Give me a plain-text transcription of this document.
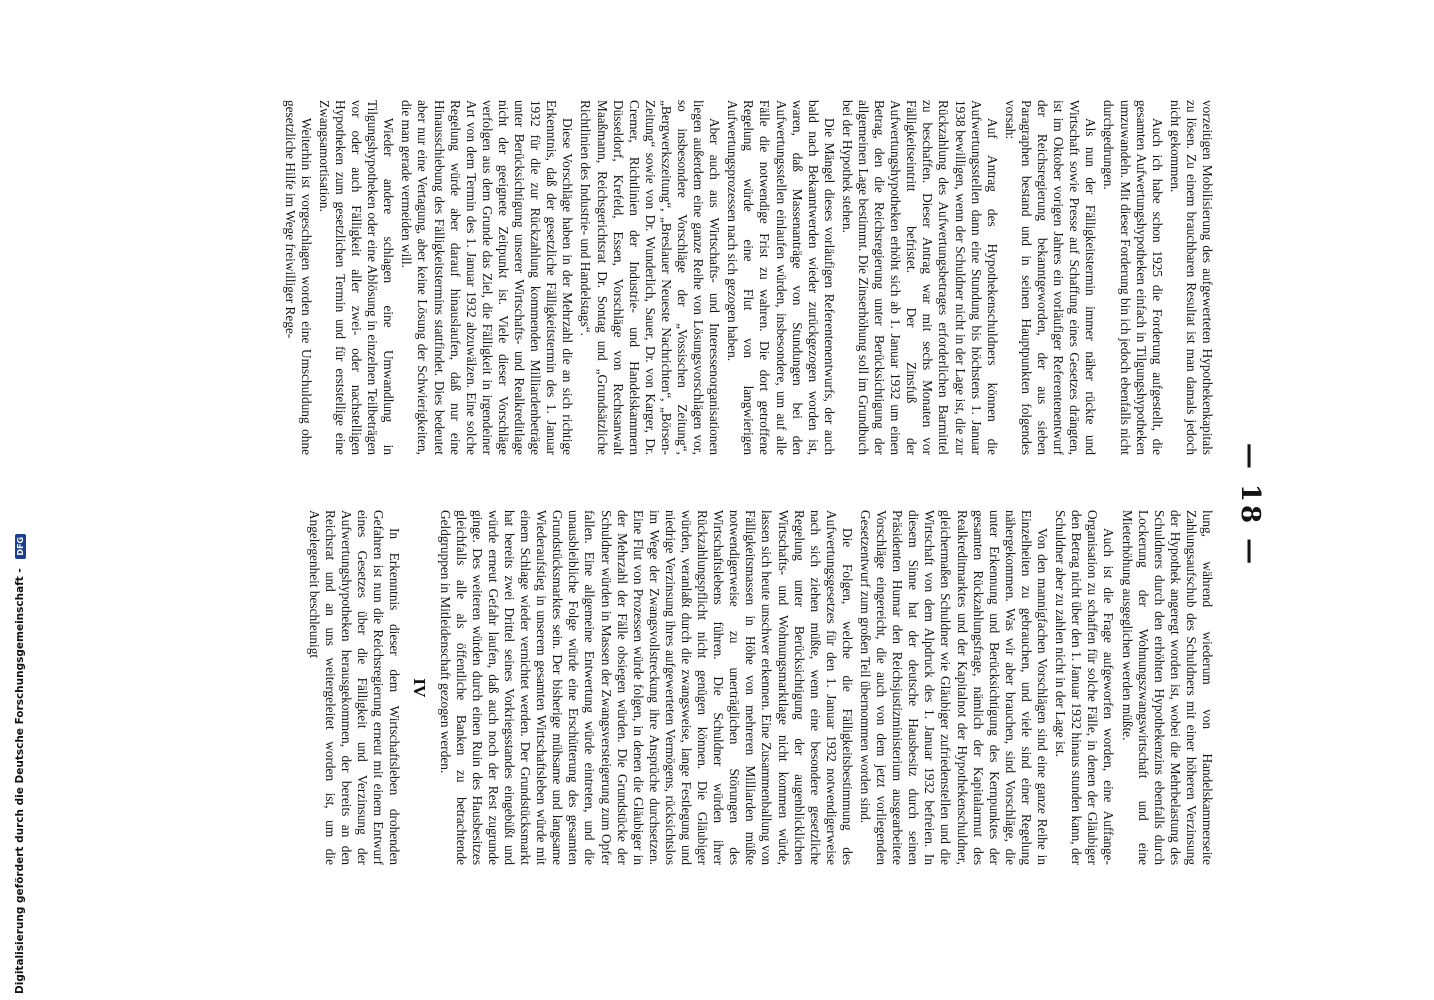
— 18 —

vorzeitigen Mobilisierung des aufgewerteten Hypothekenkapitals zu lösen. Zu einem brauchbaren Resultat ist man damals jedoch nicht gekommen.

Auch ich habe schon 1925 die Forderung aufgestellt, die gesamten Aufwertungshypotheken einfach in Tilgungshypotheken umzuwandeln. Mit dieser Forderung bin ich jedoch ebenfalls nicht durchgedrungen.

Als nun der Fälligkeitstermin immer näher rückte und Wirtschaft sowie Presse auf Schaffung eines Gesetzes drängten, ist im Oktober vorigen Jahres ein vorläufiger Referentenentwurf der Reichsregierung bekanntgeworden, der aus sieben Paragraphen bestand und in seinen Hauptpunkten folgendes vorsah:

Auf Antrag des Hypothekenschuldners können die Aufwertungsstellen dann eine Stundung bis höchstens 1. Januar 1938 bewilligen, wenn der Schuldner nicht in der Lage ist, die zur Rückzahlung des Aufwertungsbetrages erforderlichen Barmittel zu beschaffen. Dieser Antrag war mit sechs Monaten vor Fälligkeitseintritt befristet. Der Zinsfuß der Aufwertungshypotheken erhöht sich ab 1. Januar 1932 um einen Betrag, den die Reichsregierung unter Berücksichtigung der allgemeinen Lage bestimmt. Die Zinserhöhung soll im Grundbuch bei der Hypothek stehen.

Die Mängel dieses vorläufigen Referentenentwurfs, der auch bald nach Bekanntwerden wieder zurückgezogen worden ist, waren, daß Massenanträge von Stundungen bei den Aufwertungsstellen einlaufen würden, insbesondere, um auf alle Fälle die notwendige Frist zu wahren. Die dort getroffene Regelung würde eine Flut von langwierigen Aufwertungsprozessen nach sich gezogen haben.

Aber auch aus Wirtschafts- und Interessenorganisationen liegen außerdem eine ganze Reihe von Lösungsvorschlägen vor, so insbesondere Vorschläge der „Vossischen Zeitung“, „Bergwerkszeitung“, „Breslauer Neueste Nachrichten“, „Börsen-Zeitung“ sowie von Dr. Wunderlich, Sauer, Dr. von Karger, Dr. Cremer, Richtlinien der Industrie- und Handelskammern Düsseldorf, Krefeld, Essen, Vorschläge von Rechtsanwalt Maaßmann, Reichsgerichtsrat Dr. Sontag und „Grundsätzliche Richtlinien des Industrie- und Handelstags“.

Diese Vorschläge haben in der Mehrzahl die an sich richtige Erkenntnis, daß der gesetzliche Fälligkeitstermin des 1. Januar 1932 für die zur Rückzahlung kommenden Milliardenbeträge unter Berücksichtigung unserer Wirtschafts- und Realkreditlage nicht der geeignete Zeitpunkt ist. Viele dieser Vorschläge verfolgen aus dem Grunde das Ziel, die Fälligkeit in irgendeiner Art von dem Termin des 1. Januar 1932 abzuwälzen. Eine solche Regelung würde aber darauf hinauslaufen, daß nur eine Hinausschiebung des Fälligkeitstermins stattfindet. Dies bedeutet aber nur eine Vertagung, aber keine Lösung der Schwierigkeiten, die man gerade vermeiden will.

Wieder andere schlagen eine Umwandlung in Tilgungshypotheken oder eine Ablösung in einzelnen Teilbeträgen vor oder auch Fälligkeit aller zwei- oder nachstelligen Hypotheken zum gesetzlichen Termin und für erststellige eine Zwangsamortisation.

Weiterhin ist vorgeschlagen worden eine Umschuldung ohne gesetzliche Hilfe im Wege freiwilliger Rege-

lung, während wiederum von Handelskammerseite Zahlungsaufschub des Schuldners mit einer höheren Verzinsung der Hypothek angeregt worden ist, wobei die Mehrbelastung des Schuldners durch den erhöhten Hypothekenzins ebenfalls durch Lockerung der Wohnungszwangswirtschaft und eine Mieterhöhung ausgeglichen werden müßte.

Auch ist die Frage aufgeworfen worden, eine Auffange-Organisation zu schaffen für solche Fälle, in denen der Gläubiger den Betrag nicht über den 1. Januar 1932 hinaus stunden kann, der Schuldner aber zu zahlen nicht in der Lage ist.

Von den mannigfachen Vorschlägen sind eine ganze Reihe in Einzelheiten zu gebrauchen, und viele sind einer Regelung nähergekommen. Was wir aber brauchen, sind Vorschläge, die unter Erkennung und Berücksichtigung des Kernpunktes der gesamten Rückzahlungsfrage, nämlich der Kapitalarmut des Realkreditmarktes und der Kapitalnot der Hypothekenschuldner, gleichermaßen Schuldner wie Gläubiger zufriedenstellen und die Wirtschaft von dem Alpdruck des 1. Januar 1932 befreien. In diesem Sinne hat der deutsche Hausbesitz durch seinen Präsidenten Humar den Reichsjustizministerium ausgearbeitete Vorschläge eingereicht, die auch von dem jetzt vorliegenden Gesetzentwurf zum großen Teil übernommen worden sind.

Die Folgen, welche die Fälligkeitsbestimmung des Aufwertungsgesetzes für den 1. Januar 1932 notwendigerweise nach sich ziehen müßte, wenn eine besondere gesetzliche Regelung unter Berücksichtigung der augenblicklichen Wirtschafts- und Wohnungsmarktlage nicht kommen würde, lassen sich heute unschwer erkennen. Eine Zusammenballung von Fälligkeitsmassen in Höhe von mehreren Milliarden müßte notwendigerweise zu unerträglichen Störungen des Wirtschaftslebens führen. Die Schuldner würden ihrer Rückzahlungspflicht nicht genügen können. Die Gläubiger würden, veranlaßt durch die zwangsweise, lange Festlegung und niedrige Verzinsung ihres aufgewerteten Vermögens, rücksichtslos im Wege der Zwangsvollstreckung ihre Ansprüche durchsetzen. Eine Flut von Prozessen würde folgen, in denen die Gläubiger in der Mehrzahl der Fälle obsiegen würden. Die Grundstücke der Schuldner würden in Massen der Zwangsversteigerung zum Opfer fallen. Eine allgemeine Entwertung würde eintreten, und die unausbleibliche Folge würde eine Erschütterung des gesamten Grundstücksmarktes sein. Der bisherige mühsame und langsame Wiederaufstieg in unserem gesamten Wirtschaftsleben würde mit einem Schlage wieder vernichtet werden. Der Grundstücksmarkt hat bereits zwei Drittel seines Vorkriegsstandes eingebüßt und würde erneut Gefahr laufen, daß auch noch der Rest zugrunde ginge. Des weiteren würden durch einen Ruin des Hausbesitzes gleichfalls alle als öffentliche Banken zu betrachtende Geldgruppen in Mitleidenschaft gezogen werden.

IV

In Erkenntnis dieser dem Wirtschaftsleben drohenden Gefahren ist nun die Reichsregierung erneut mit einem Entwurf eines Gesetzes über die Fälligkeit und Verzinsung der Aufwertungshypotheken herausgekommen, der bereits an den Reichsrat und an uns weitergeleitet worden ist, um die Angelegenheit beschleunigt

Digitalisierung gefördert durch die Deutsche Forschungsgemeinschaft - DFG
